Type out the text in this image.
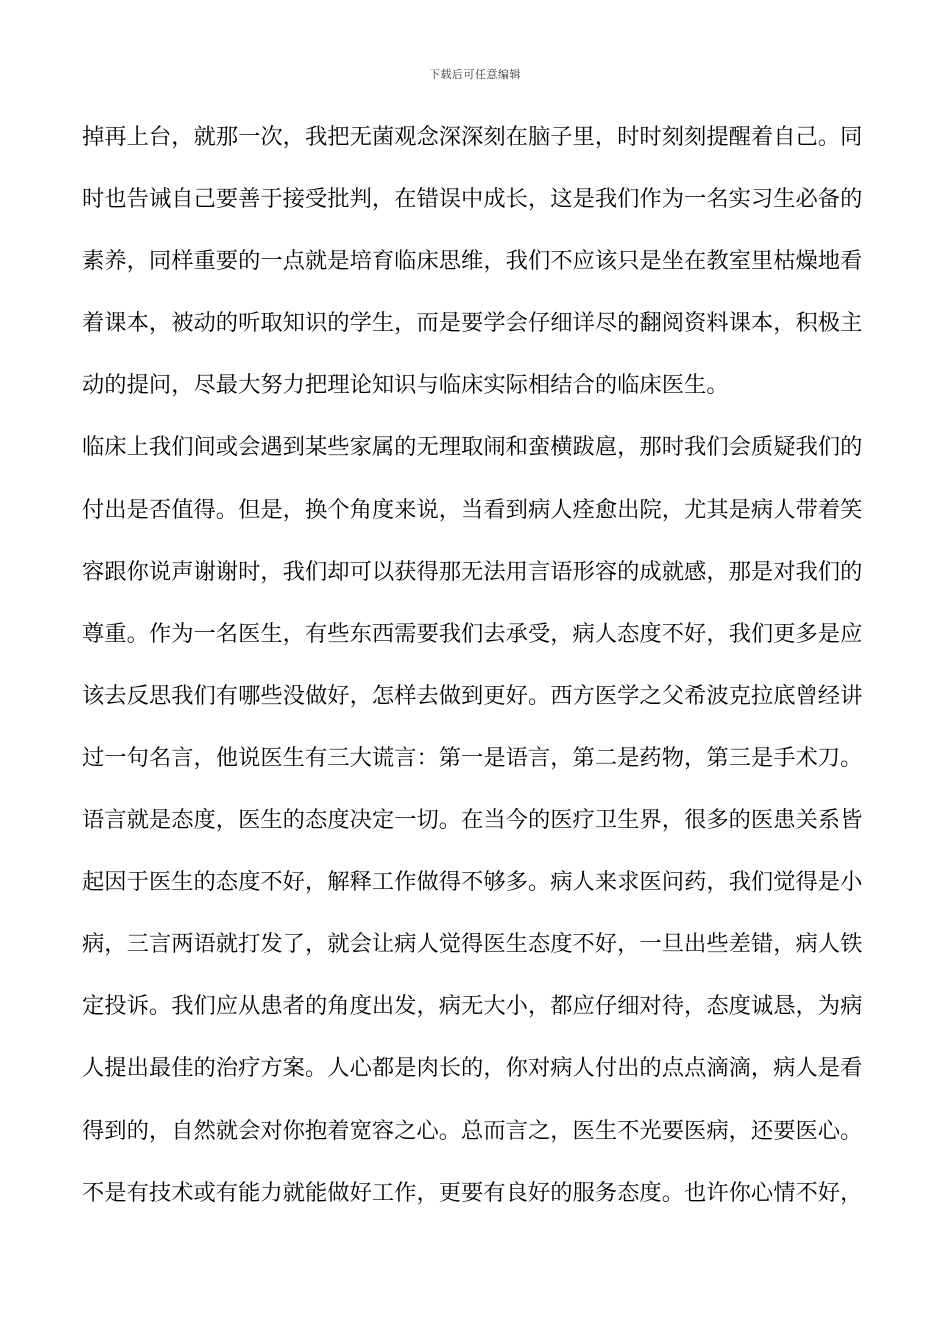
下载后可任意编辑
掉再上台，就那一次，我把无菌观念深深刻在脑子里，时时刻刻提醒着自己。同
时也告诫自己要善于接受批判，在错误中成长，这是我们作为一名实习生必备的
素养，同样重要的一点就是培育临床思维，我们不应该只是坐在教室里枯燥地看
着课本，被动的听取知识的学生，而是要学会仔细详尽的翻阅资料课本，积极主
动的提问，尽最大努力把理论知识与临床实际相结合的临床医生。
临床上我们间或会遇到某些家属的无理取闹和蛮横跋扈，那时我们会质疑我们的
付出是否值得。但是，换个角度来说，当看到病人痊愈出院，尤其是病人带着笑
容跟你说声谢谢时，我们却可以获得那无法用言语形容的成就感，那是对我们的
尊重。作为一名医生，有些东西需要我们去承受，病人态度不好，我们更多是应
该去反思我们有哪些没做好，怎样去做到更好。西方医学之父希波克拉底曾经讲
过一句名言，他说医生有三大谎言：第一是语言，第二是药物，第三是手术刀。
语言就是态度，医生的态度决定一切。在当今的医疗卫生界，很多的医患关系皆
起因于医生的态度不好，解释工作做得不够多。病人来求医问药，我们觉得是小
病，三言两语就打发了，就会让病人觉得医生态度不好，一旦出些差错，病人铁
定投诉。我们应从患者的角度出发，病无大小，都应仔细对待，态度诚恳，为病
人提出最佳的治疗方案。人心都是肉长的，你对病人付出的点点滴滴，病人是看
得到的，自然就会对你抱着宽容之心。总而言之，医生不光要医病，还要医心。
不是有技术或有能力就能做好工作，更要有良好的服务态度。也许你心情不好，
